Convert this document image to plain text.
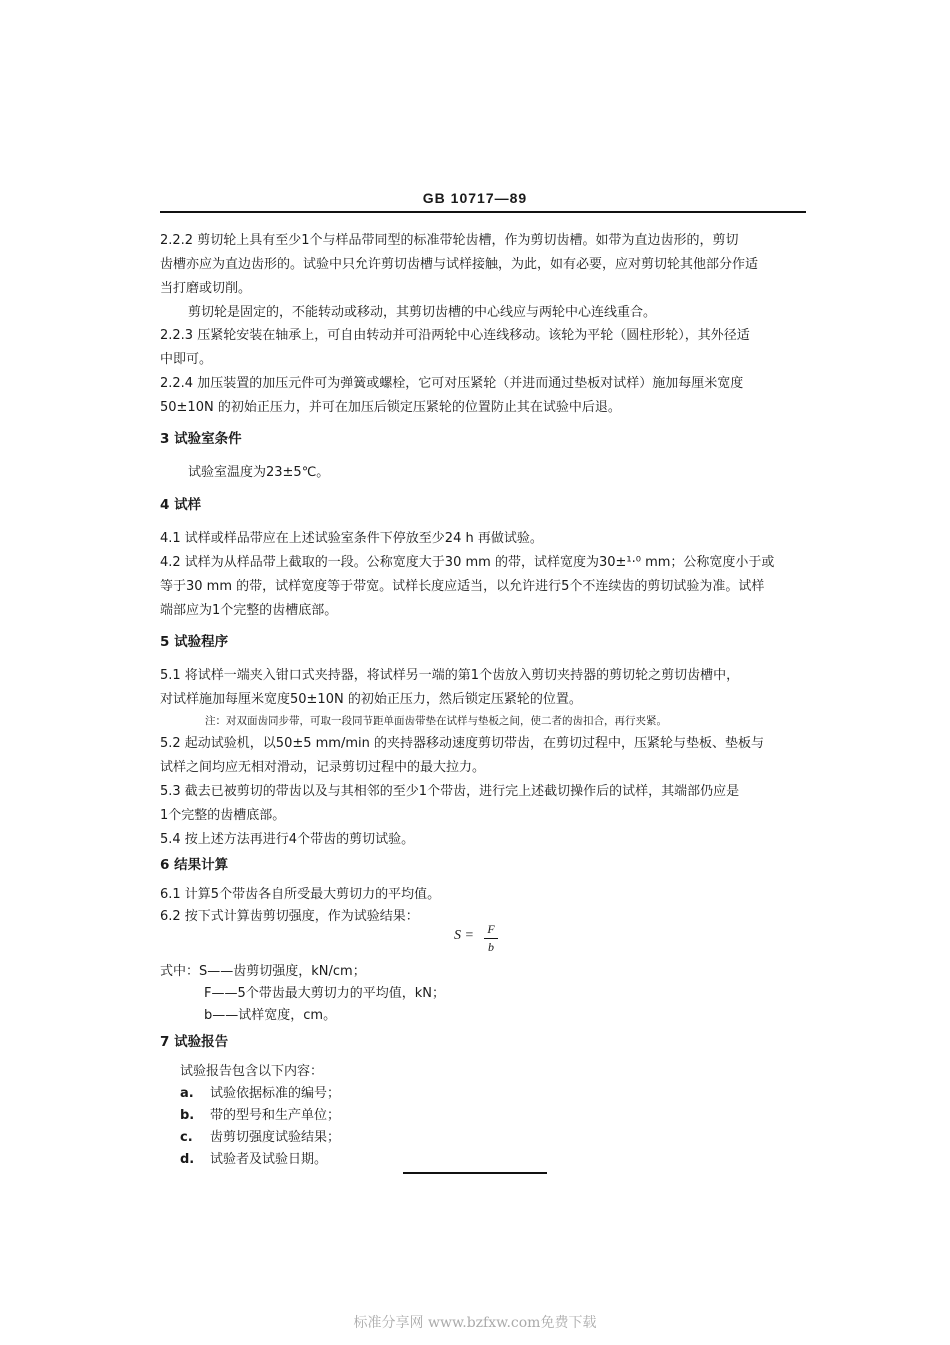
GB 10717—89
2.2.2 剪切轮上具有至少1个与样品带同型的标准带轮齿槽，作为剪切齿槽。如带为直边齿形的，剪切
齿槽亦应为直边齿形的。试验中只允许剪切齿槽与试样接触，为此，如有必要，应对剪切轮其他部分作适
当打磨或切削。
剪切轮是固定的，不能转动或移动，其剪切齿槽的中心线应与两轮中心连线重合。
2.2.3 压紧轮安装在轴承上，可自由转动并可沿两轮中心连线移动。该轮为平轮（圆柱形轮），其外径适
中即可。
2.2.4 加压装置的加压元件可为弹簧或螺栓，它可对压紧轮（并进而通过垫板对试样）施加每厘米宽度
50±10N 的初始正压力，并可在加压后锁定压紧轮的位置防止其在试验中后退。
3 试验室条件
试验室温度为23±5℃。
4 试样
4.1 试样或样品带应在上述试验室条件下停放至少24 h 再做试验。
4.2 试样为从样品带上截取的一段。公称宽度大于30 mm 的带，试样宽度为30±¹·⁰ mm；公称宽度小于或
等于30 mm 的带，试样宽度等于带宽。试样长度应适当，以允许进行5个不连续齿的剪切试验为准。试样
端部应为1个完整的齿槽底部。
5 试验程序
5.1 将试样一端夹入钳口式夹持器，将试样另一端的第1个齿放入剪切夹持器的剪切轮之剪切齿槽中，
对试样施加每厘米宽度50±10N 的初始正压力，然后锁定压紧轮的位置。
注：对双面齿同步带，可取一段同节距单面齿带垫在试样与垫板之间，使二者的齿扣合，再行夹紧。
5.2 起动试验机，以50±5 mm/min 的夹持器移动速度剪切带齿，在剪切过程中，压紧轮与垫板、垫板与
试样之间均应无相对滑动，记录剪切过程中的最大拉力。
5.3 截去已被剪切的带齿以及与其相邻的至少1个带齿，进行完上述截切操作后的试样，其端部仍应是
1个完整的齿槽底部。
5.4 按上述方法再进行4个带齿的剪切试验。
6 结果计算
6.1 计算5个带齿各自所受最大剪切力的平均值。
6.2 按下式计算齿剪切强度，作为试验结果：
S = F
b
式中：S——齿剪切强度，kN/cm；
F——5个带齿最大剪切力的平均值，kN；
b——试样宽度，cm。
7 试验报告
试验报告包含以下内容：
a. 试验依据标准的编号；
b. 带的型号和生产单位；
c. 齿剪切强度试验结果；
d. 试验者及试验日期。
标准分享网 www.bzfxw.com免费下载
